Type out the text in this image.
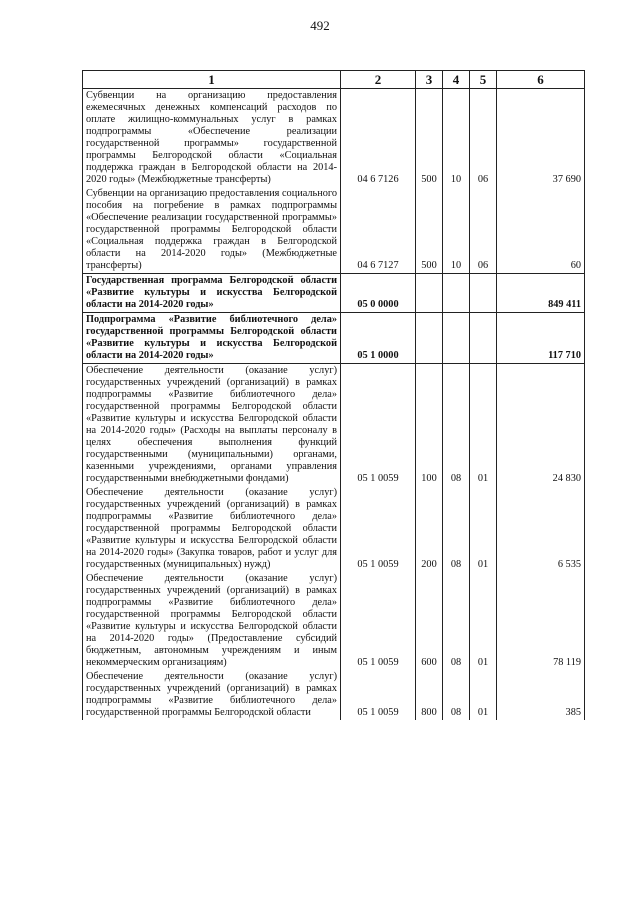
492
1	2	3	4	5	6
Субвенции на организацию предоставления ежемесячных денежных компенсаций расходов по оплате жилищно-коммунальных услуг в рамках подпрограммы «Обеспечение реализации государственной программы» государственной программы Белгородской области «Социальная поддержка граждан в Белгородской области на 2014-2020 годы» (Межбюджетные трансферты)	04 6 7126	500	10	06	37 690
Субвенции на организацию предоставления социального пособия на погребение в рамках подпрограммы «Обеспечение реализации государственной программы» государственной программы Белгородской области «Социальная поддержка граждан в Белгородской области на 2014-2020 годы» (Межбюджетные трансферты)	04 6 7127	500	10	06	60
Государственная программа Белгородской области «Развитие культуры и искусства Белгородской области на 2014-2020 годы»	05 0 0000				849 411
Подпрограмма «Развитие библиотечного дела» государственной программы Белгородской области «Развитие культуры и искусства Белгородской области на 2014-2020 годы»	05 1 0000				117 710
Обеспечение деятельности (оказание услуг) государственных учреждений (организаций) в рамках подпрограммы «Развитие библиотечного дела» государственной программы Белгородской области «Развитие культуры и искусства Белгородской области на 2014-2020 годы» (Расходы на выплаты персоналу в целях обеспечения выполнения функций государственными (муниципальными) органами, казенными учреждениями, органами управления государственными внебюджетными фондами)	05 1 0059	100	08	01	24 830
Обеспечение деятельности (оказание услуг) государственных учреждений (организаций) в рамках подпрограммы «Развитие библиотечного дела» государственной программы Белгородской области «Развитие культуры и искусства Белгородской области на 2014-2020 годы» (Закупка товаров, работ и услуг для государственных (муниципальных) нужд)	05 1 0059	200	08	01	6 535
Обеспечение деятельности (оказание услуг) государственных учреждений (организаций) в рамках подпрограммы «Развитие библиотечного дела» государственной программы Белгородской области «Развитие культуры и искусства Белгородской области на 2014-2020 годы» (Предоставление субсидий бюджетным, автономным учреждениям и иным некоммерческим организациям)	05 1 0059	600	08	01	78 119
Обеспечение деятельности (оказание услуг) государственных учреждений (организаций) в рамках подпрограммы «Развитие библиотечного дела» государственной программы Белгородской области	05 1 0059	800	08	01	385
